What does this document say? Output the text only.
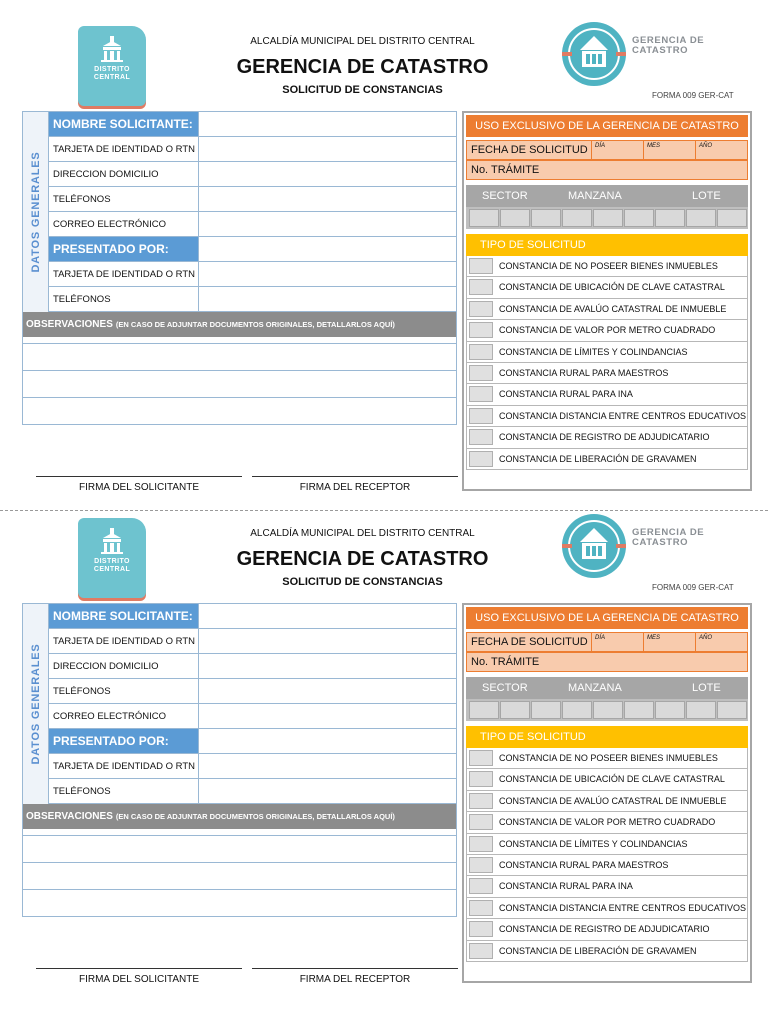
DISTRITO CENTRAL
ALCALDÍA MUNICIPAL DEL DISTRITO CENTRAL
GERENCIA DE CATASTRO
SOLICITUD DE CONSTANCIAS
GERENCIA DE CATASTRO
FORMA 009 GER-CAT
DATOS GENERALES
NOMBRE SOLICITANTE:
TARJETA DE IDENTIDAD O RTN
DIRECCION DOMICILIO
TELÉFONOS
CORREO ELECTRÓNICO
PRESENTADO POR:
TARJETA DE IDENTIDAD O RTN
TELÉFONOS
OBSERVACIONES (EN CASO DE ADJUNTAR DOCUMENTOS ORIGINALES, DETALLARLOS AQUÍ)
FIRMA DEL SOLICITANTE	FIRMA DEL RECEPTOR
USO EXCLUSIVO DE LA GERENCIA DE CATASTRO
FECHA DE SOLICITUD	DÍA	MES	AÑO
No. TRÁMITE
SECTOR	MANZANA	LOTE
TIPO DE SOLICITUD
CONSTANCIA DE NO POSEER BIENES INMUEBLES
CONSTANCIA DE UBICACIÓN DE CLAVE CATASTRAL
CONSTANCIA DE AVALÚO CATASTRAL DE INMUEBLE
CONSTANCIA DE VALOR POR METRO CUADRADO
CONSTANCIA DE LÍMITES Y COLINDANCIAS
CONSTANCIA RURAL PARA MAESTROS
CONSTANCIA RURAL PARA INA
CONSTANCIA DISTANCIA ENTRE CENTROS EDUCATIVOS
CONSTANCIA DE REGISTRO DE ADJUDICATARIO
CONSTANCIA DE LIBERACIÓN DE GRAVAMEN
DISTRITO CENTRAL
ALCALDÍA MUNICIPAL DEL DISTRITO CENTRAL
GERENCIA DE CATASTRO
SOLICITUD DE CONSTANCIAS
GERENCIA DE CATASTRO
FORMA 009 GER-CAT
DATOS GENERALES
NOMBRE SOLICITANTE:
TARJETA DE IDENTIDAD O RTN
DIRECCION DOMICILIO
TELÉFONOS
CORREO ELECTRÓNICO
PRESENTADO POR:
TARJETA DE IDENTIDAD O RTN
TELÉFONOS
OBSERVACIONES (EN CASO DE ADJUNTAR DOCUMENTOS ORIGINALES, DETALLARLOS AQUÍ)
FIRMA DEL SOLICITANTE	FIRMA DEL RECEPTOR
USO EXCLUSIVO DE LA GERENCIA DE CATASTRO
FECHA DE SOLICITUD	DÍA	MES	AÑO
No. TRÁMITE
SECTOR	MANZANA	LOTE
TIPO DE SOLICITUD
CONSTANCIA DE NO POSEER BIENES INMUEBLES
CONSTANCIA DE UBICACIÓN DE CLAVE CATASTRAL
CONSTANCIA DE AVALÚO CATASTRAL DE INMUEBLE
CONSTANCIA DE VALOR POR METRO CUADRADO
CONSTANCIA DE LÍMITES Y COLINDANCIAS
CONSTANCIA RURAL PARA MAESTROS
CONSTANCIA RURAL PARA INA
CONSTANCIA DISTANCIA ENTRE CENTROS EDUCATIVOS
CONSTANCIA DE REGISTRO DE ADJUDICATARIO
CONSTANCIA DE LIBERACIÓN DE GRAVAMEN
